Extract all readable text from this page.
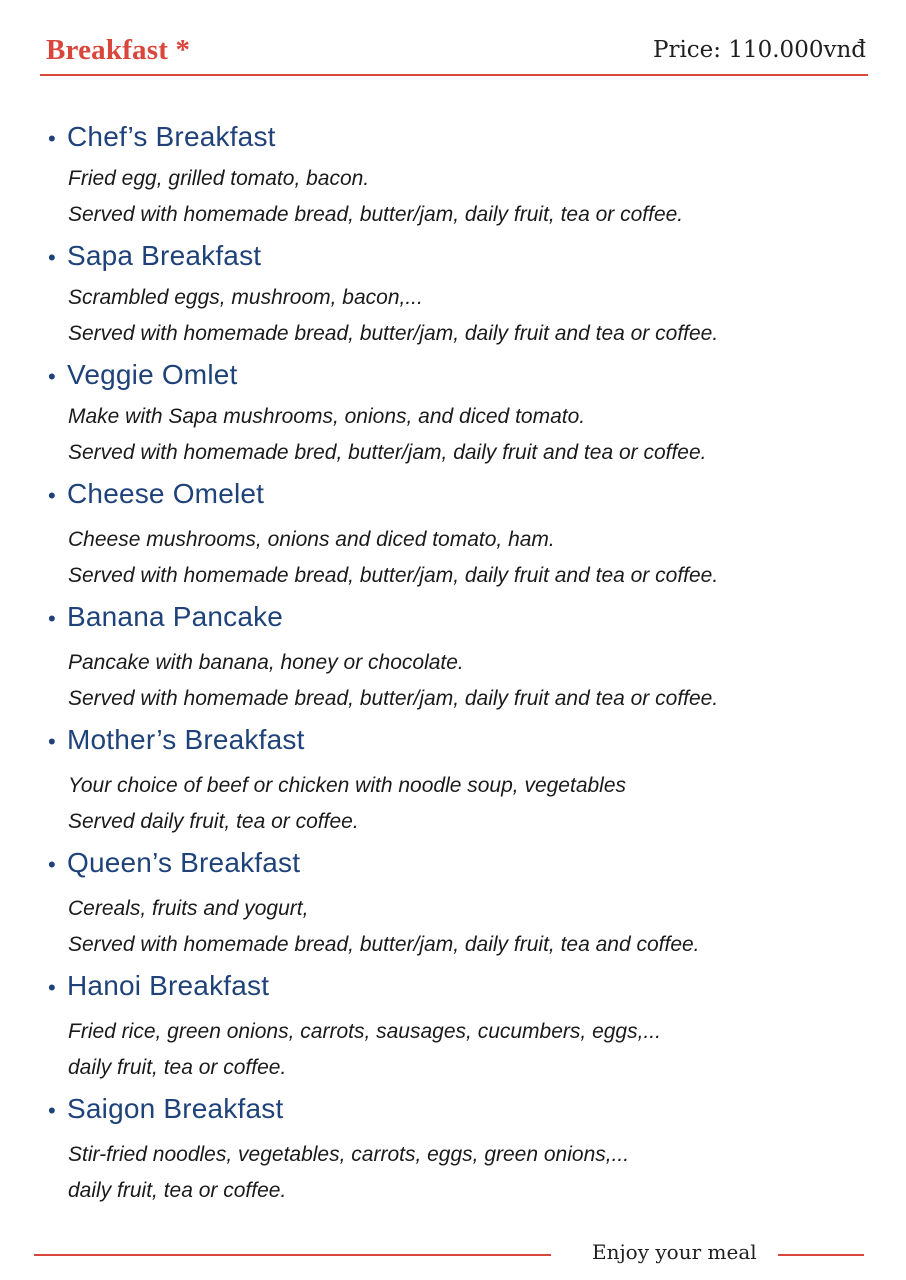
Breakfast *	Price: 110.000vnđ
• Chef’s Breakfast
Fried egg, grilled tomato, bacon.
Served with homemade bread, butter/jam, daily fruit, tea or coffee.
• Sapa Breakfast
Scrambled eggs, mushroom, bacon,...
Served with homemade bread, butter/jam, daily fruit and tea or coffee.
• Veggie Omlet
Make with Sapa mushrooms, onions, and diced tomato.
Served with homemade bred, butter/jam, daily fruit and tea or coffee.
• Cheese Omelet
Cheese mushrooms, onions and diced tomato, ham.
Served with homemade bread, butter/jam, daily fruit and tea or coffee.
• Banana Pancake
Pancake with banana, honey or chocolate.
Served with homemade bread, butter/jam, daily fruit and tea or coffee.
• Mother’s Breakfast
Your choice of beef or chicken with noodle soup, vegetables
Served daily fruit, tea or coffee.
• Queen’s Breakfast
Cereals, fruits and yogurt,
Served with homemade bread, butter/jam, daily fruit, tea and coffee.
• Hanoi Breakfast
Fried rice, green onions, carrots, sausages, cucumbers, eggs,...
daily fruit, tea or coffee.
• Saigon Breakfast
Stir-fried noodles, vegetables, carrots, eggs, green onions,...
daily fruit, tea or coffee.
Enjoy your meal
